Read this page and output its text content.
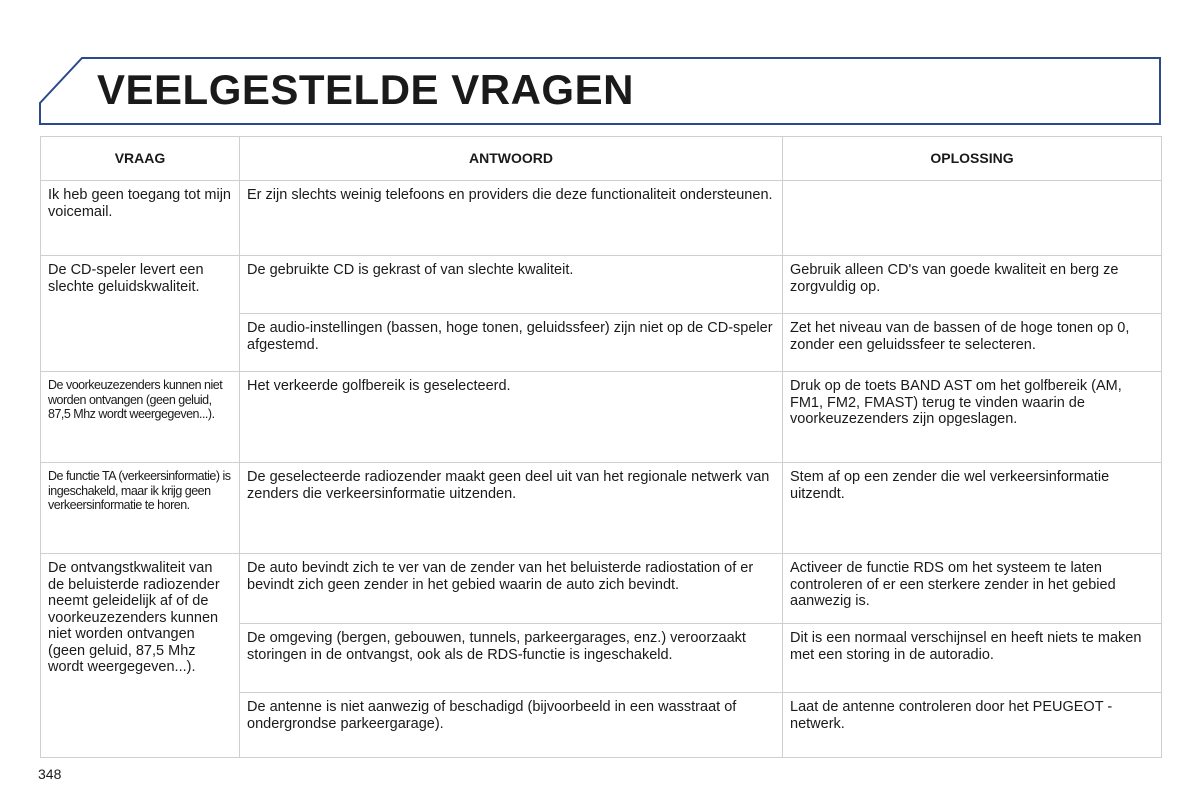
VEELGESTELDE VRAGEN
VRAAG	ANTWOORD	OPLOSSING
Ik heb geen toegang tot mijn voicemail.	Er zijn slechts weinig telefoons en providers die deze functionaliteit ondersteunen.	
De CD-speler levert een slechte geluidskwaliteit.	De gebruikte CD is gekrast of van slechte kwaliteit.	Gebruik alleen CD's van goede kwaliteit en berg ze zorgvuldig op.
	De audio-instellingen (bassen, hoge tonen, geluidssfeer) zijn niet op de CD-speler afgestemd.	Zet het niveau van de bassen of de hoge tonen op 0, zonder een geluidssfeer te selecteren.
De voorkeuzezenders kunnen niet worden ontvangen (geen geluid, 87,5 Mhz wordt weergegeven...).	Het verkeerde golfbereik is geselecteerd.	Druk op de toets BAND AST om het golfbereik (AM, FM1, FM2, FMAST) terug te vinden waarin de voorkeuzezenders zijn opgeslagen.
De functie TA (verkeersinformatie) is ingeschakeld, maar ik krijg geen verkeersinformatie te horen.	De geselecteerde radiozender maakt geen deel uit van het regionale netwerk van zenders die verkeersinformatie uitzenden.	Stem af op een zender die wel verkeersinformatie uitzendt.
De ontvangstkwaliteit van de beluisterde radiozender neemt geleidelijk af of de voorkeuzezenders kunnen niet worden ontvangen (geen geluid, 87,5 Mhz wordt weergegeven...).	De auto bevindt zich te ver van de zender van het beluisterde radiostation of er bevindt zich geen zender in het gebied waarin de auto zich bevindt.	Activeer de functie RDS om het systeem te laten controleren of er een sterkere zender in het gebied aanwezig is.
	De omgeving (bergen, gebouwen, tunnels, parkeergarages, enz.) veroorzaakt storingen in de ontvangst, ook als de RDS-functie is ingeschakeld.	Dit is een normaal verschijnsel en heeft niets te maken met een storing in de autoradio.
	De antenne is niet aanwezig of beschadigd (bijvoorbeeld in een wasstraat of ondergrondse parkeergarage).	Laat de antenne controleren door het PEUGEOT -netwerk.
348
